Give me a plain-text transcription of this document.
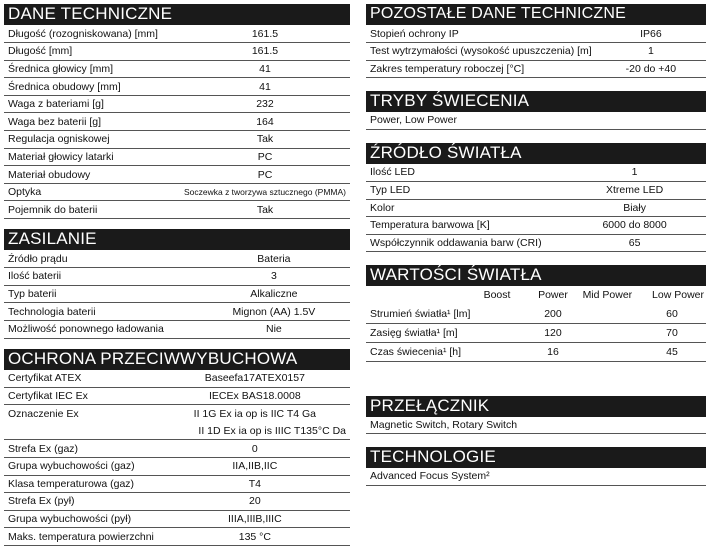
DANE TECHNICZNE
Długość (rozogniskowana) [mm]	161.5
Długość [mm]	161.5
Średnica głowicy [mm]	41
Średnica obudowy [mm]	41
Waga z bateriami [g]	232
Waga bez baterii [g]	164
Regulacja ogniskowej	Tak
Materiał głowicy latarki	PC
Materiał obudowy	PC
Optyka	Soczewka z tworzywa sztucznego (PMMA)
Pojemnik do baterii	Tak
ZASILANIE
Źródło prądu	Bateria
Ilość baterii	3
Typ baterii	Alkaliczne
Technologia baterii	Mignon (AA) 1.5V
Możliwość ponownego ładowania	Nie
OCHRONA PRZECIWWYBUCHOWA
Certyfikat ATEX	Baseefa17ATEX0157
Certyfikat IEC Ex	IECEx BAS18.0008
Oznaczenie Ex	II 1G Ex ia op is IIC T4 Ga
	II 1D Ex ia op is IIIC T135°C Da
Strefa Ex (gaz)	0
Grupa wybuchowości (gaz)	IIA,IIB,IIC
Klasa temperaturowa (gaz)	T4
Strefa Ex (pył)	20
Grupa wybuchowości (pył)	IIIA,IIIB,IIIC
Maks. temperatura powierzchni	135 °C
POZOSTAŁE DANE TECHNICZNE
Stopień ochrony IP	IP66
Test wytrzymałości (wysokość upuszczenia) [m]	1
Zakres temperatury roboczej [°C]	-20 do +40
TRYBY ŚWIECENIA
Power, Low Power
ŹRÓDŁO ŚWIATŁA
Ilość LED	1
Typ LED	Xtreme LED
Kolor	Biały
Temperatura barwowa [K]	6000 do 8000
Współczynnik oddawania barw (CRI)	65
WARTOŚCI ŚWIATŁA
	Boost	Power	Mid Power	Low Power
Strumień światła¹ [lm]		200		60
Zasięg światła¹ [m]		120		70
Czas świecenia¹ [h]		16		45
PRZEŁĄCZNIK
Magnetic Switch, Rotary Switch
TECHNOLOGIE
Advanced Focus System²
